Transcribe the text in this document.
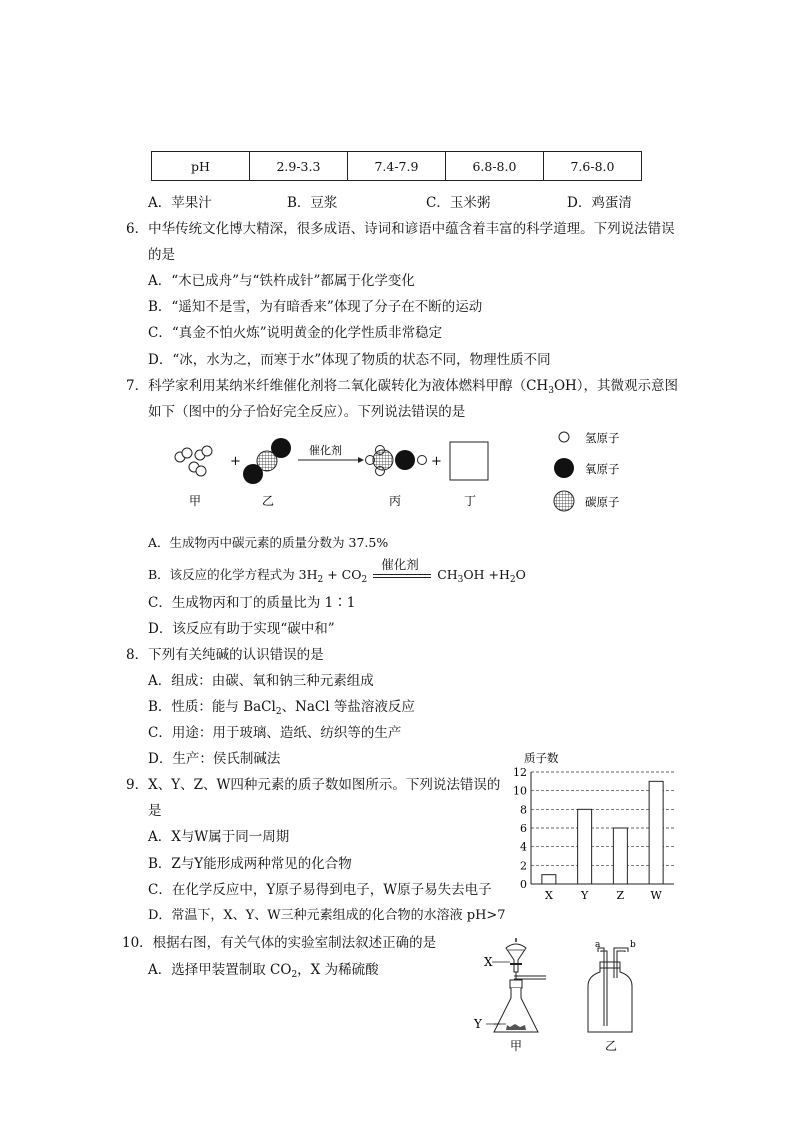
pH	2.9-3.3	7.4-7.9	6.8-8.0	7.6-8.0
A．苹果汁	B．豆浆	C．玉米粥	D．鸡蛋清
6．中华传统文化博大精深，很多成语、诗词和谚语中蕴含着丰富的科学道理。下列说法错误
的是
A．“木已成舟”与“铁杵成针”都属于化学变化
B．“遥知不是雪，为有暗香来”体现了分子在不断的运动
C．“真金不怕火炼”说明黄金的化学性质非常稳定
D．“冰，水为之，而寒于水”体现了物质的状态不同，物理性质不同
7．科学家利用某纳米纤维催化剂将二氧化碳转化为液体燃料甲醇$(CH_3OH)$，其微观示意图
如下（图中的分子恰好完全反应）。下列说法错误的是
+
催化剂
+
甲	乙	丙	丁
氢原子
氧原子
碳原子
A．生成物丙中碳元素的质量分数为 37.5%
B．该反应的化学方程式为 $3H_2 + CO_2$
催化剂
$CH_3OH +H_2O$
C．生成物丙和丁的质量比为 1∶1
D．该反应有助于实现“碳中和”
8．下列有关纯碱的认识错误的是
A．组成：由碳、氧和钠三种元素组成
B．性质：能与 BaCl$_2$、NaCl 等盐溶液反应
C．用途：用于玻璃、造纸、纺织等的生产
D．生产：侯氏制碱法
9．X、Y、Z、W四种元素的质子数如图所示。下列说法错误的
是
A．X与W属于同一周期
B．Z与Y能形成两种常见的化合物
C．在化学反应中，Y原子易得到电子，W原子易失去电子
D．常温下，X、Y、W三种元素组成的化合物的水溶液 pH>7
质子数
0
2
4
6
8
10
12
X	Y	Z W
10．根据右图，有关气体的实验室制法叙述正确的是
A．选择甲装置制取 $CO_2$，X 为稀硫酸	X
Y
甲
a	b
乙
